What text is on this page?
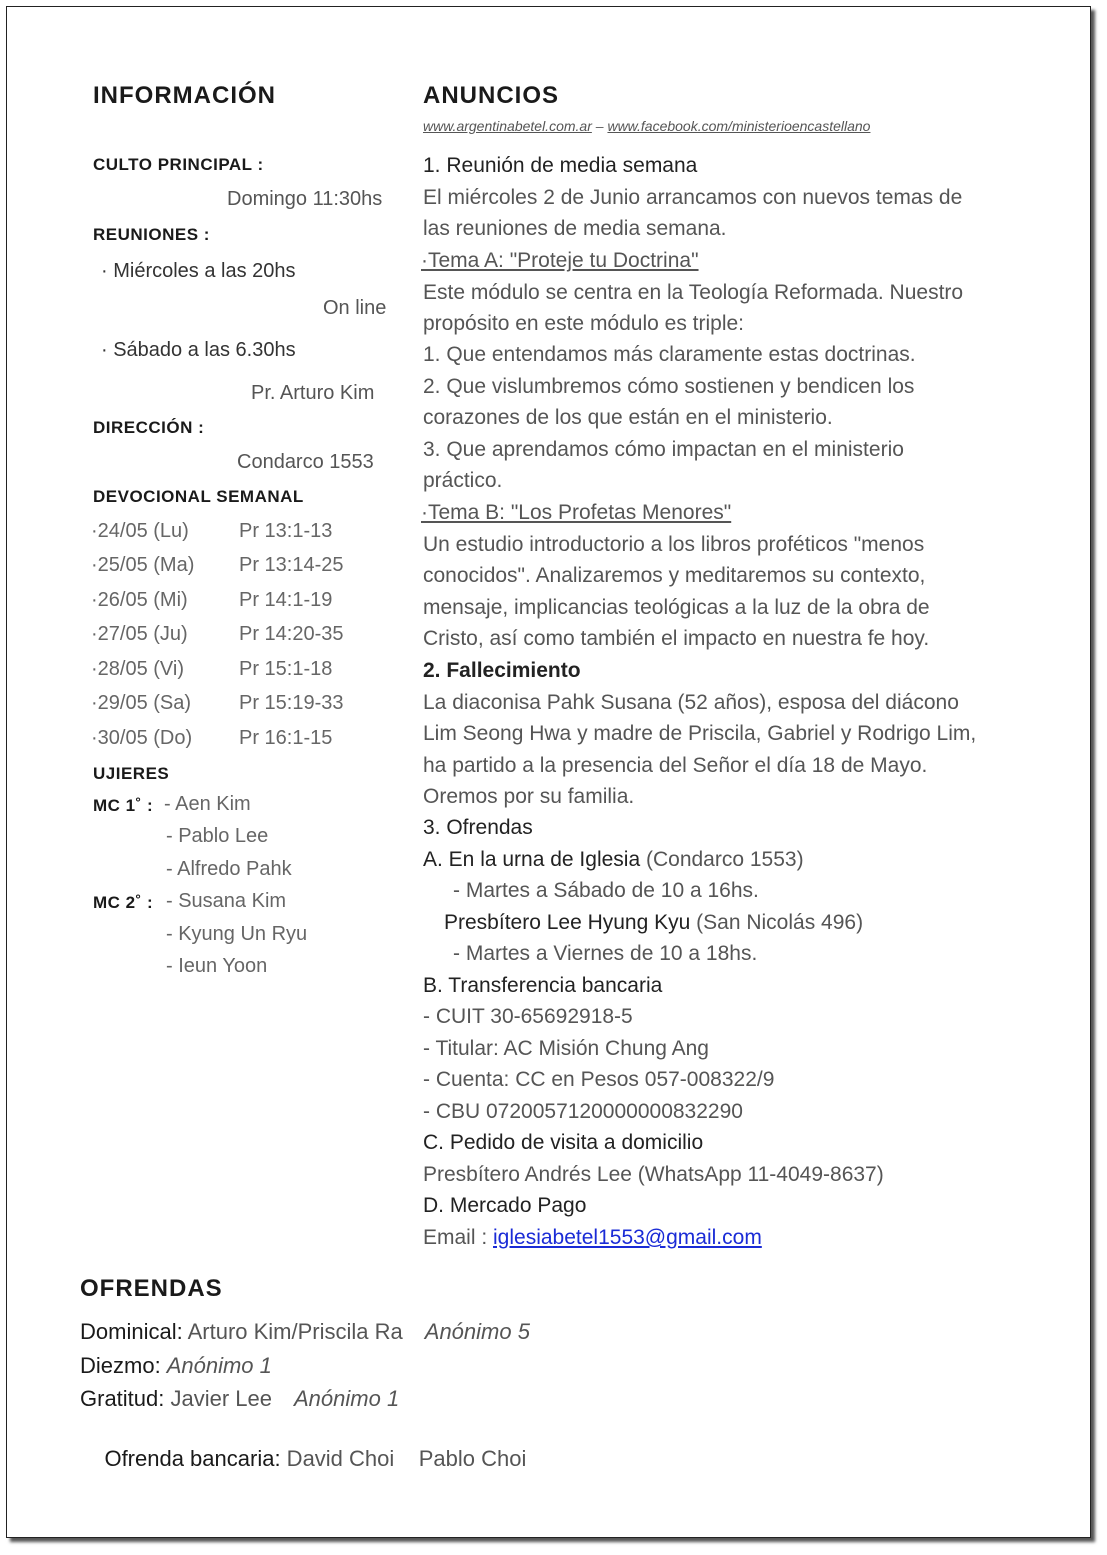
INFORMACIÓN
CULTO PRINCIPAL :
Domingo 11:30hs
REUNIONES :
· Miércoles a las 20hs
On line
· Sábado a las 6.30hs
Pr. Arturo Kim
DIRECCIÓN :
Condarco 1553
DEVOCIONAL SEMANAL
·24/05 (Lu)	Pr 13:1-13
·25/05 (Ma) Pr 13:14-25
·26/05 (Mi)	Pr 14:1-19
·27/05 (Ju)	Pr 14:20-35
·28/05 (Vi)	Pr 15:1-18
·29/05 (Sa) Pr 15:19-33
·30/05 (Do) Pr 16:1-15
UJIERES
MC 1˚ : - Aen Kim
- Pablo Lee
- Alfredo Pahk
MC 2˚ : - Susana Kim
- Kyung Un Ryu
- Ieun Yoon
ANUNCIOS
www.argentinabetel.com.ar – www.facebook.com/ministerioencastellano
1. Reunión de media semana
El miércoles 2 de Junio arrancamos con nuevos temas de
las reuniones de media semana.
·Tema A: "Proteje tu Doctrina"
Este módulo se centra en la Teología Reformada. Nuestro
propósito en este módulo es triple:
1. Que entendamos más claramente estas doctrinas.
2. Que vislumbremos cómo sostienen y bendicen los
corazones de los que están en el ministerio.
3. Que aprendamos cómo impactan en el ministerio
práctico.
·Tema B: "Los Profetas Menores"
Un estudio introductorio a los libros proféticos "menos
conocidos". Analizaremos y meditaremos su contexto,
mensaje, implicancias teológicas a la luz de la obra de
Cristo, así como también el impacto en nuestra fe hoy.
2. Fallecimiento
La diaconisa Pahk Susana (52 años), esposa del diácono
Lim Seong Hwa y madre de Priscila, Gabriel y Rodrigo Lim,
ha partido a la presencia del Señor el día 18 de Mayo.
Oremos por su familia.
3. Ofrendas
A. En la urna de Iglesia (Condarco 1553)
- Martes a Sábado de 10 a 16hs.
Presbítero Lee Hyung Kyu (San Nicolás 496)
- Martes a Viernes de 10 a 18hs.
B. Transferencia bancaria
- CUIT 30-65692918-5
- Titular: AC Misión Chung Ang
- Cuenta: CC en Pesos 057-008322/9
- CBU 0720057120000000832290
C. Pedido de visita a domicilio
Presbítero Andrés Lee (WhatsApp 11-4049-8637)
D. Mercado Pago
Email : iglesiabetel1553@gmail.com
OFRENDAS
Dominical: Arturo Kim/Priscila Ra Anónimo 5
Diezmo: Anónimo 1
Gratitud: Javier Lee Anónimo 1

Ofrenda bancaria: David Choi    Pablo Choi
